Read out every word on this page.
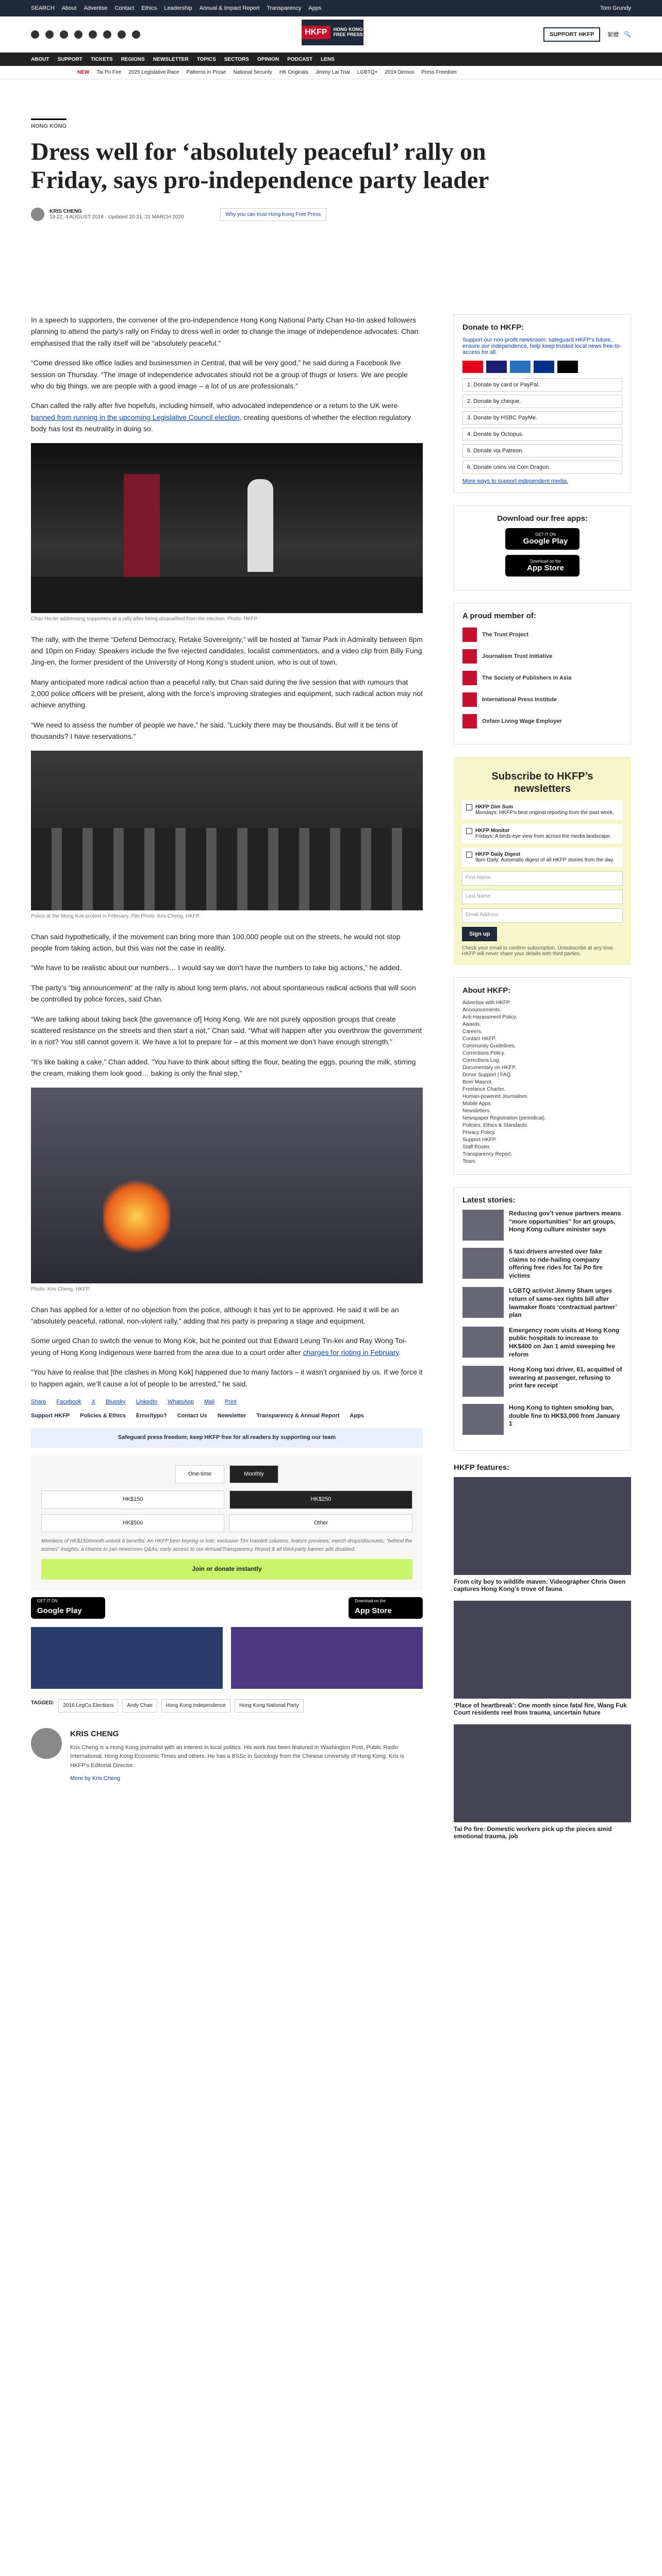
SEARCH About Advertise Contact Ethics Leadership Annual & Impact Report Transparency Apps	Tom Grundy
SUPPORT HKFP	繁體 🔍
HKFP	HONG KONG FREE PRESS
ABOUT SUPPORT TICKETS REGIONS NEWSLETTER TOPICS SECTORS OPINION PODCAST LENS
NEW Tai Po Fire 2025 Legislative Race Patterns in Prose National Security HK Originals Jimmy Lai Trial LGBTQ+ 2019 Demos Press Freedom
HONG KONG
Dress well for ‘absolutely peaceful’ rally on Friday, says pro-independence party leader
KRIS CHENG
19:22, 4 AUGUST 2018 · Updated 20:21, 21 MARCH 2020	Why you can trust Hong Kong Free Press

In a speech to supporters, the convener of the pro-independence Hong Kong National Party Chan Ho-tin asked followers planning to attend the party’s rally on Friday to dress well in order to change the image of independence advocates. Chan emphasised that the rally itself will be “absolutely peaceful.”

“Come dressed like office ladies and businessmen in Central, that will be very good,” he said during a Facebook live session on Thursday. “The image of independence advocates should not be a group of thugs or losers. We are people who do big things, we are people with a good image – a lot of us are professionals.”

Chan called the rally after five hopefuls, including himself, who advocated independence or a return to the UK were banned from running in the upcoming Legislative Council election, creating questions of whether the election regulatory body has lost its neutrality in doing so.

Chan Ho-tin addressing supporters at a rally after being disqualified from the election. Photo: HKFP.

The rally, with the theme “Defend Democracy, Retake Sovereignty,” will be hosted at Tamar Park in Admiralty between 8pm and 10pm on Friday. Speakers include the five rejected candidates, localist commentators, and a video clip from Billy Fung Jing-en, the former president of the University of Hong Kong’s student union, who is out of town.

Many anticipated more radical action than a peaceful rally, but Chan said during the live session that with rumours that 2,000 police officers will be present, along with the force’s improving strategies and equipment, such radical action may not achieve anything.

“We need to assess the number of people we have,” he said. “Luckily there may be thousands. But will it be tens of thousands? I have reservations.”

Police at the Mong Kok protest in February. File Photo: Kris Cheng, HKFP.

Chan said hypothetically, if the movement can bring more than 100,000 people out on the streets, he would not stop people from taking action, but this was not the case in reality.

“We have to be realistic about our numbers… I would say we don’t have the numbers to take big actions,” he added.

The party’s “big announcement” at the rally is about long term plans, not about spontaneous radical actions that will soon be controlled by police forces, said Chan.

“We are talking about taking back [the governance of] Hong Kong. We are not purely opposition groups that create scattered resistance on the streets and then start a riot,” Chan said. “What will happen after you overthrow the government in a riot? You still cannot govern it. We have a lot to prepare for – at this moment we don’t have enough strength.”

“It’s like baking a cake,” Chan added. “You have to think about sifting the flour, beating the eggs, pouring the milk, stirring the cream, making them look good… baking is only the final step.”

Photo: Kris Cheng, HKFP.

Chan has applied for a letter of no objection from the police, although it has yet to be approved. He said it will be an “absolutely peaceful, rational, non-violent rally,” adding that his party is preparing a stage and equipment.

Some urged Chan to switch the venue to Mong Kok, but he pointed out that Edward Leung Tin-kei and Ray Wong Toi-yeung of Hong Kong Indigenous were barred from the area due to a court order after charges for rioting in February.

“You have to realise that [the clashes in Mong Kok] happened due to many factors – it wasn’t organised by us. If we force it to happen again, we’ll cause a lot of people to be arrested,” he said.

Share Facebook X Bluesky LinkedIn WhatsApp Mail Print
Support HKFP Policies & Ethics Error/typo? Contact Us Newsletter Transparency & Annual Report Apps
Safeguard press freedom; keep HKFP free for all readers by supporting our team
One-time	Monthly
HK$150	HK$250
HK$500	Other
Members of HK$150/month unlock 6 benefits: An HKFP beer keyring or tote; exclusive Tim Hamlett columns; feature previews; merch drops/discounts; “behind the scenes” insights; a chance to join newsroom Q&As; early access to our Annual/Transparency Report & all third-party banner ads disabled.
Join or donate instantly
GET IT ON
Google Play
Download on the
App Store
TAGGED:	2016 LegCo Elections	Andy Chan	Hong Kong Independence	Hong Kong National Party
KRIS CHENG
Kris Cheng is a Hong Kong journalist with an interest in local politics. His work has been featured in Washington Post, Public Radio International, Hong Kong Economic Times and others. He has a BSSc in Sociology from the Chinese University of Hong Kong. Kris is HKFP’s Editorial Director.
More by Kris Cheng
Donate to HKFP:
Support our non-profit newsroom: safeguard HKFP’s future, ensure our independence, help keep trusted local news free-to-access for all.
1. Donate by card or PayPal.
2. Donate by cheque.
3. Donate by HSBC PayMe.
4. Donate by Octopus.
5. Donate via Patreon.
6. Donate coins via Coin Dragon.
More ways to support independent media.
Download our free apps:
GET IT ON
Google Play
Download on the
App Store
A proud member of:
The Trust Project
Journalism Trust Initiative
The Society of Publishers in Asia
International Press Institute
Oxfam Living Wage Employer
Subscribe to HKFP’s newsletters
HKFP Dim Sum
Mondays: HKFP’s best original reporting from the past week.
HKFP Monitor
Fridays: A birds-eye view from across the media landscape.
HKFP Daily Digest
9pm Daily: Automatic digest of all HKFP stories from the day.
First Name
Last Name
Email Address
Sign up
Check your email to confirm subscription. Unsubscribe at any time. HKFP will never share your details with third parties.
About HKFP:
Advertise with HKFP.
Announcements.
Anti-Harassment Policy.
Awards.
Careers.
Contact HKFP.
Community Guidelines.
Corrections Policy.
Corrections Log.
Documentary on HKFP.
Donor Support | FAQ.
Beer Mascot.
Freelance Charter.
Human-powered Journalism.
Mobile Apps.
Newsletters.
Newspaper Registration (periodical).
Policies, Ethics & Standards.
Privacy Policy.
Support HKFP.
Staff Roster.
Transparency Report.
Team.
Latest stories:
Reducing gov’t venue partners means “more opportunities” for art groups, Hong Kong culture minister says
5 taxi drivers arrested over fake claims to ride-hailing company offering free rides for Tai Po fire victims
LGBTQ activist Jimmy Sham urges return of same-sex rights bill after lawmaker floats ‘contractual partner’ plan
Emergency room visits at Hong Kong public hospitals to increase to HK$400 on Jan 1 amid sweeping fee reform
Hong Kong taxi driver, 61, acquitted of swearing at passenger, refusing to print fare receipt
Hong Kong to tighten smoking ban, double fine to HK$3,000 from January 1
HKFP features:
From city boy to wildlife maven: Videographer Chris Owen captures Hong Kong’s trove of fauna
‘Place of heartbreak’: One month since fatal fire, Wang Fuk Court residents reel from trauma, uncertain future
Tai Po fire: Domestic workers pick up the pieces amid emotional trauma, job
